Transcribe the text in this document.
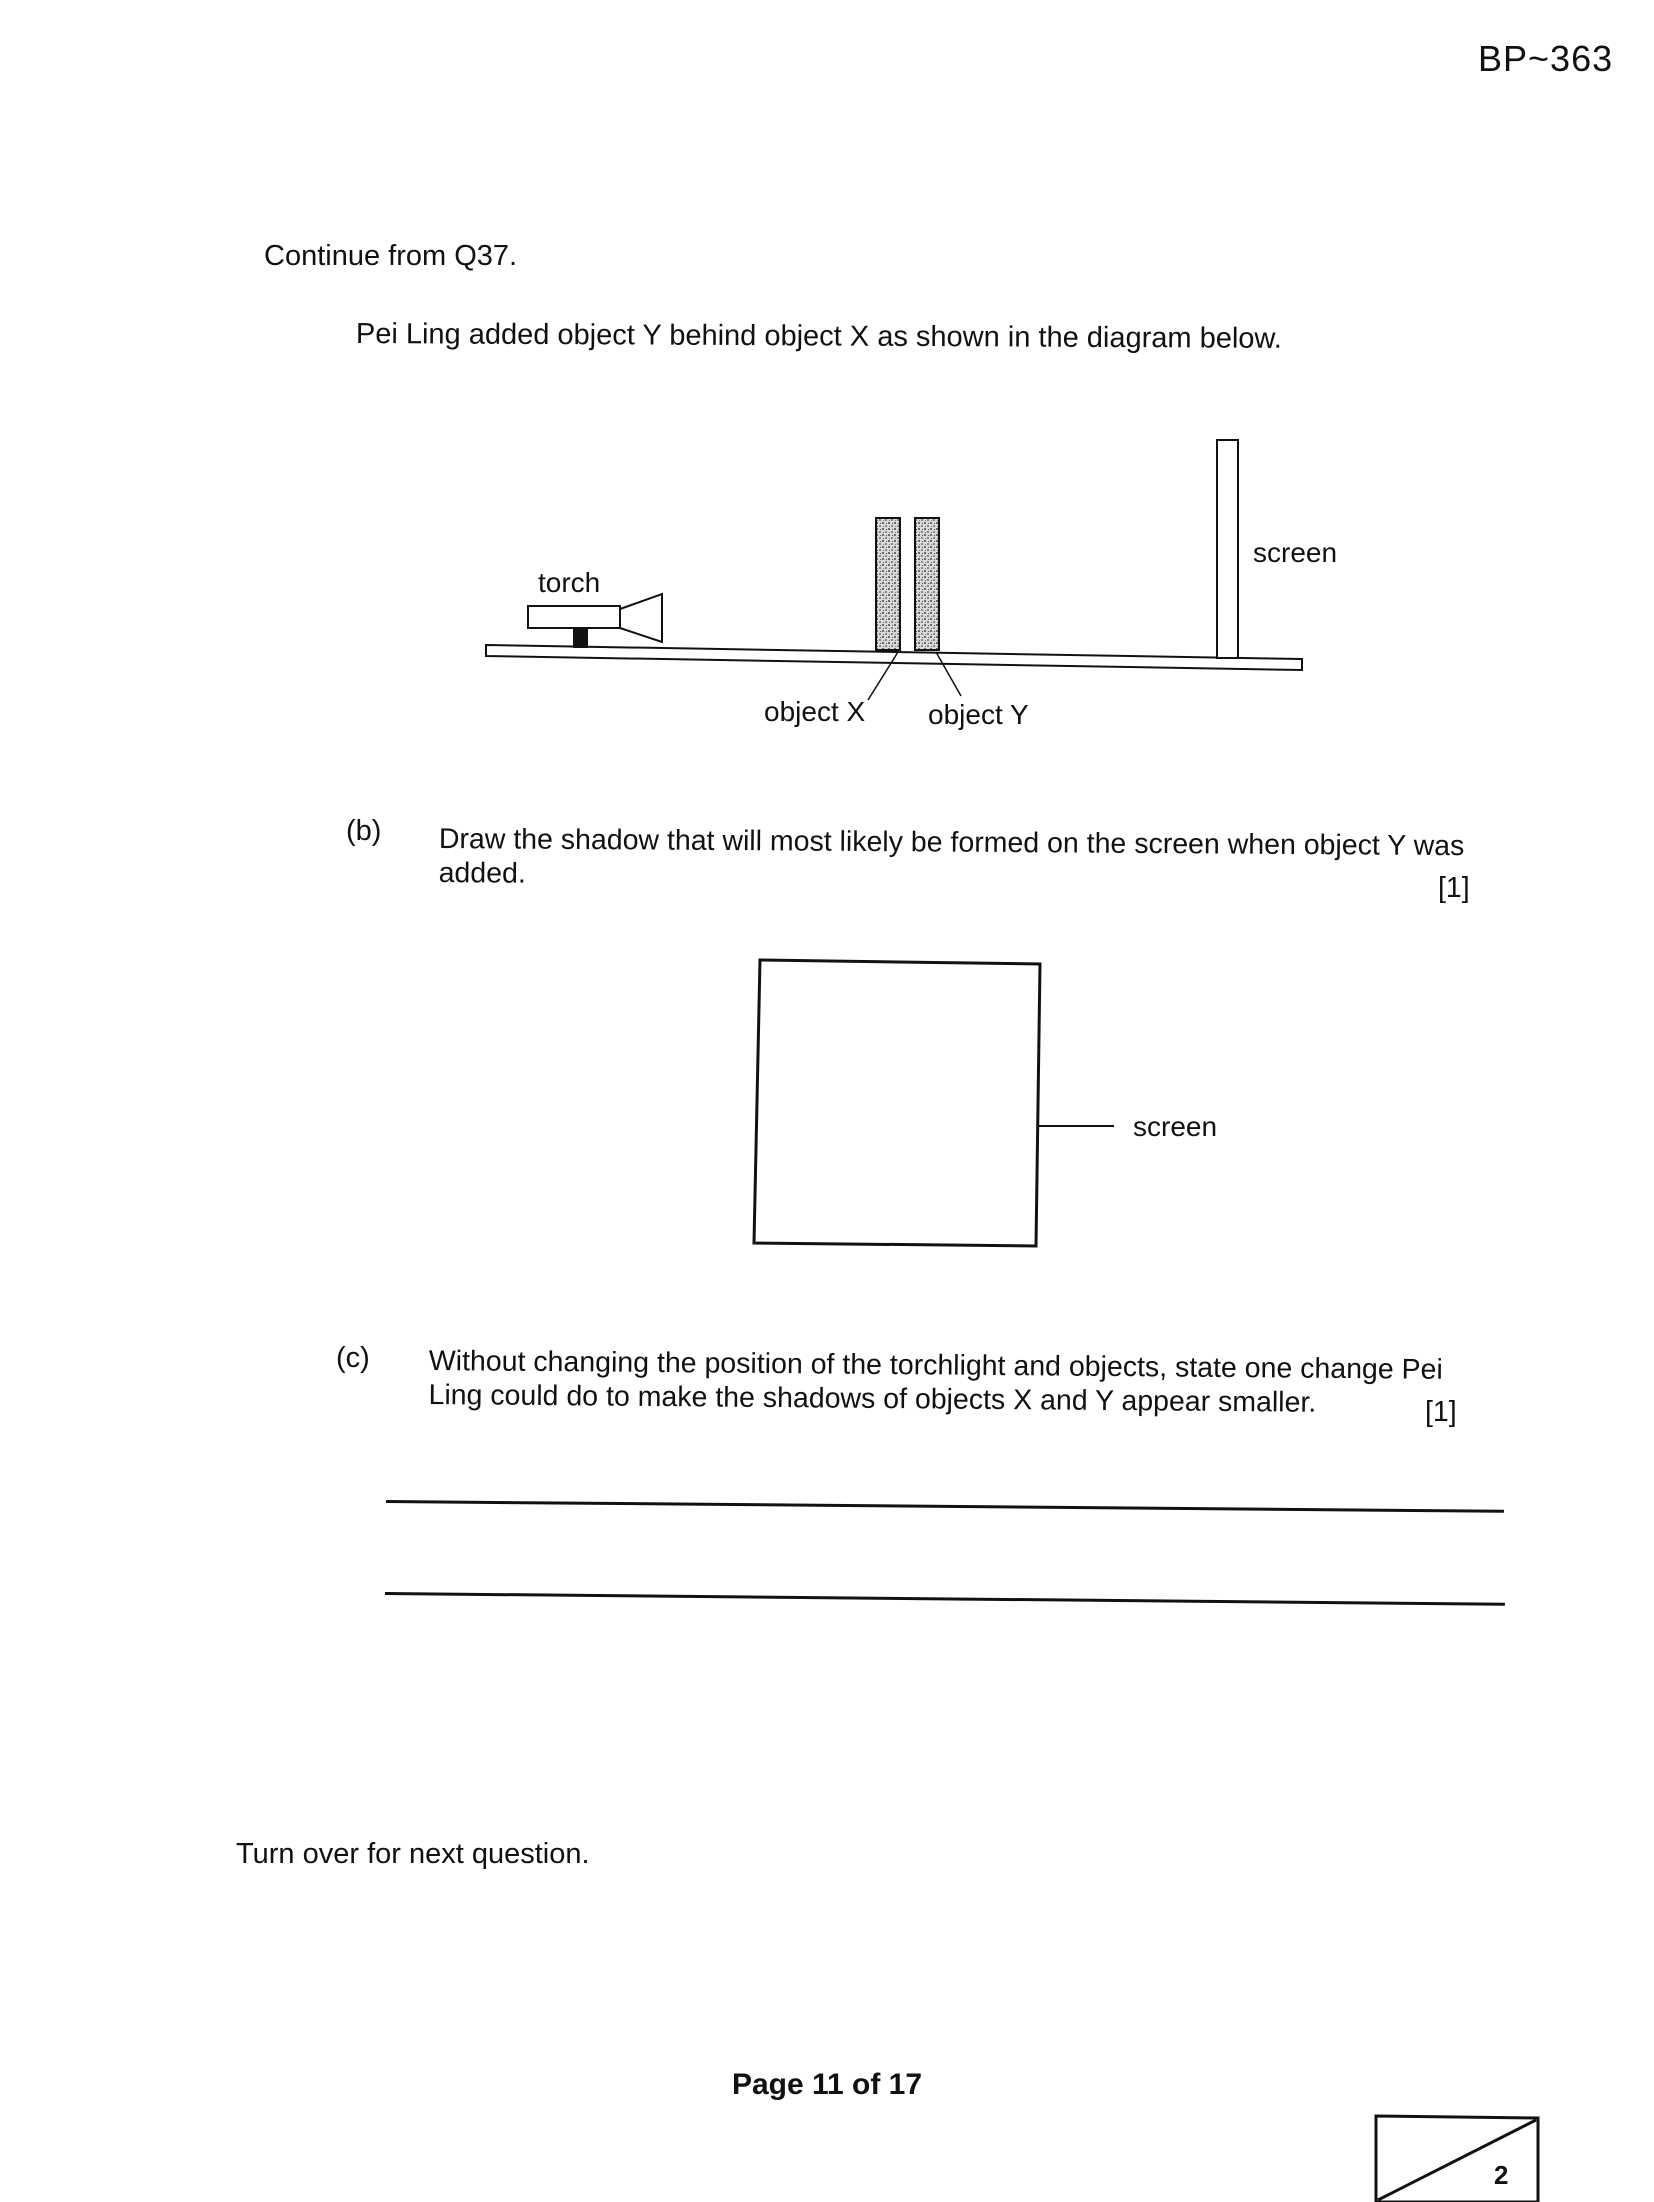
BP~363
Continue from Q37.
Pei Ling added object Y behind object X as shown in the diagram below.
torch
screen
object X object Y
(b) Draw the shadow that will most likely be formed on the screen when object Y was added.	[1]
screen
(c) Without changing the position of the torchlight and objects, state one change Pei Ling could do to make the shadows of objects X and Y appear smaller.	[1]
Turn over for next question.
Page 11 of 17
2
